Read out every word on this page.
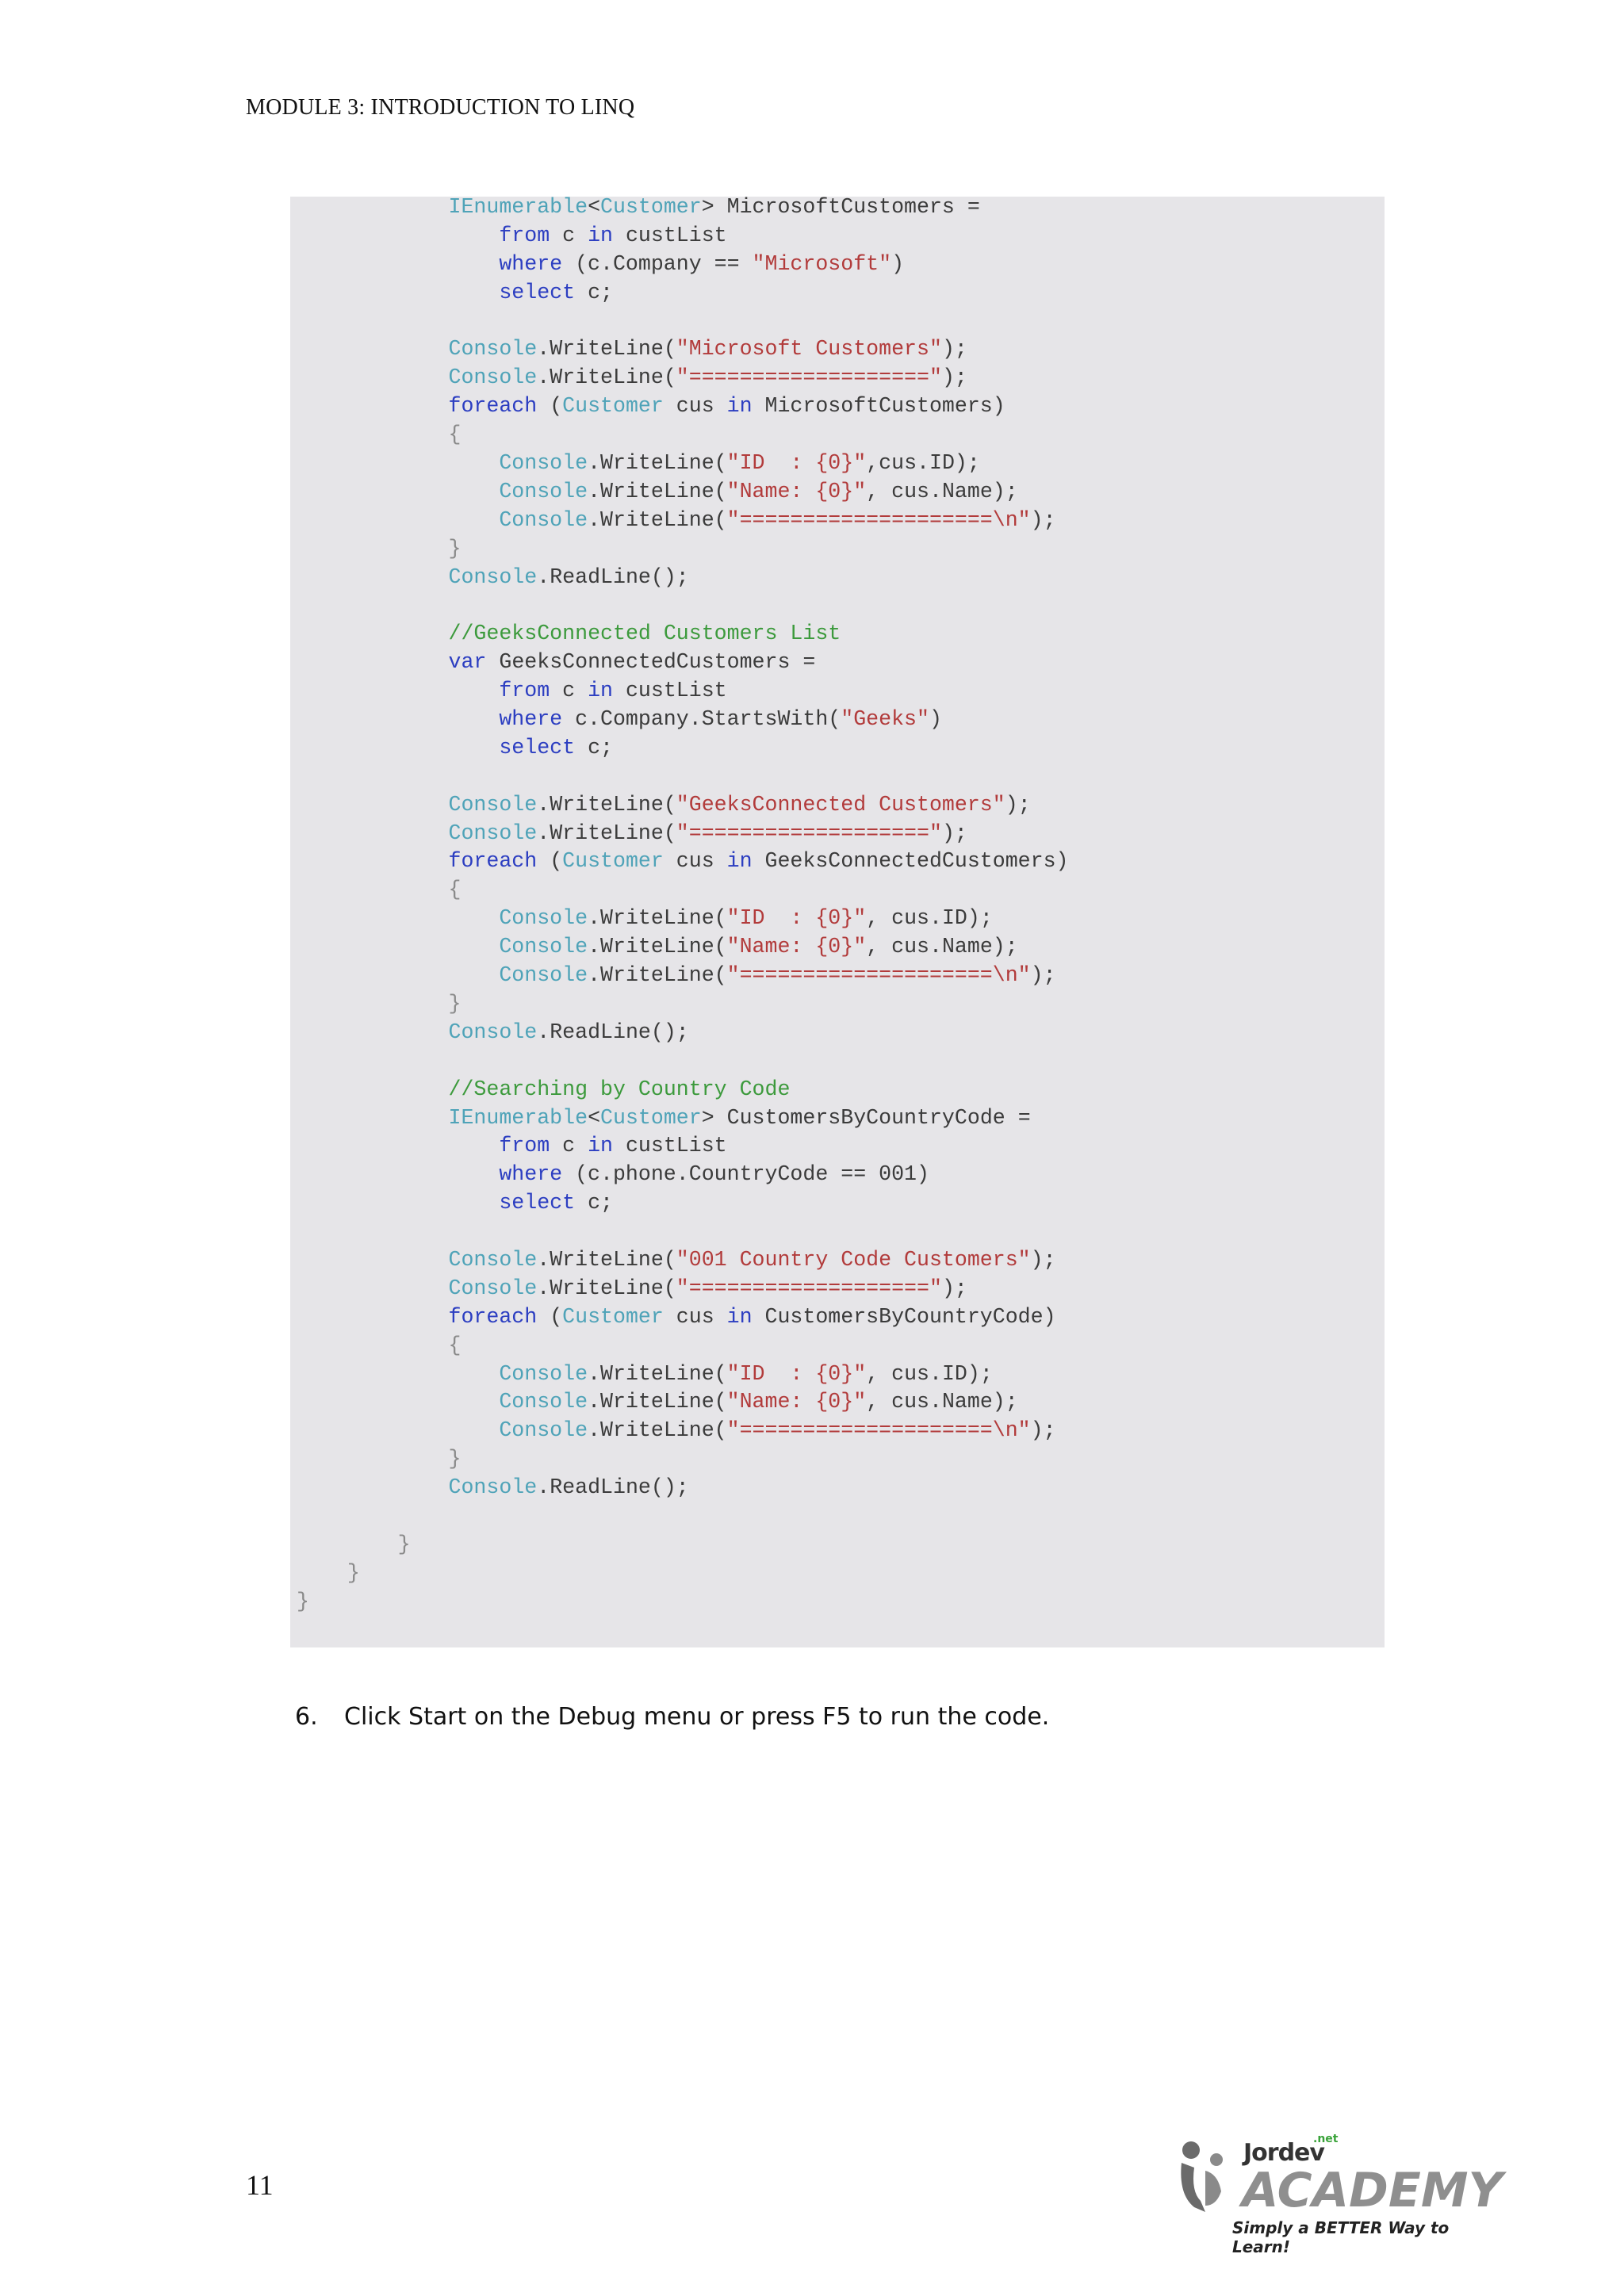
MODULE 3: INTRODUCTION TO LINQ
IEnumerable<Customer> MicrosoftCustomers =
from c in custList
where (c.Company == "Microsoft")
select c;

Console.WriteLine("Microsoft Customers");
Console.WriteLine("===================");
foreach (Customer cus in MicrosoftCustomers)
{
Console.WriteLine("ID  : {0}",cus.ID);
Console.WriteLine("Name: {0}", cus.Name);
Console.WriteLine("====================\n");
}
Console.ReadLine();

//GeeksConnected Customers List
var GeeksConnectedCustomers =
from c in custList
where c.Company.StartsWith("Geeks")
select c;

Console.WriteLine("GeeksConnected Customers");
Console.WriteLine("===================");
foreach (Customer cus in GeeksConnectedCustomers)
{
Console.WriteLine("ID  : {0}", cus.ID);
Console.WriteLine("Name: {0}", cus.Name);
Console.WriteLine("====================\n");
}
Console.ReadLine();

//Searching by Country Code
IEnumerable<Customer> CustomersByCountryCode =
from c in custList
where (c.phone.CountryCode == 001)
select c;

Console.WriteLine("001 Country Code Customers");
Console.WriteLine("===================");
foreach (Customer cus in CustomersByCountryCode)
{
Console.WriteLine("ID  : {0}", cus.ID);
Console.WriteLine("Name: {0}", cus.Name);
Console.WriteLine("====================\n");
}
Console.ReadLine();

}
}
}
6. Click Start on the Debug menu or press F5 to run the code.
11
.net
Jordev
ACADEMY
Simply a BETTER Way to Learn!
